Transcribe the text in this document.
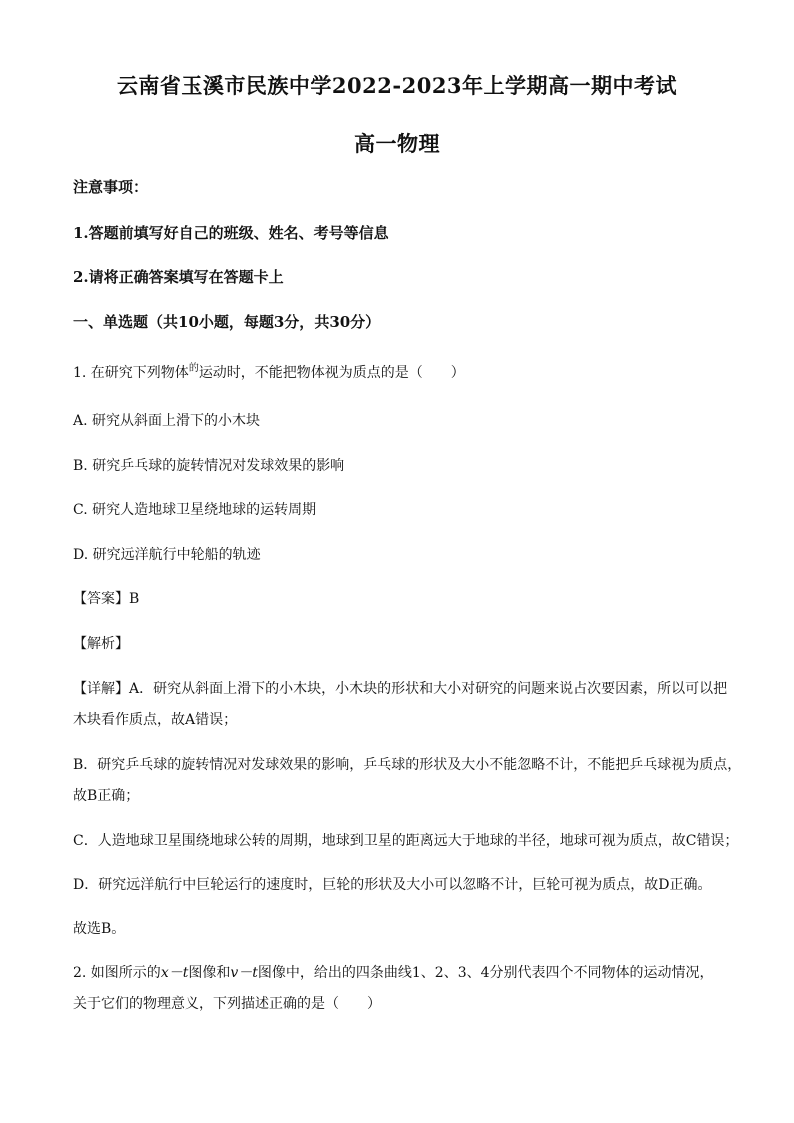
云南省玉溪市民族中学2022-2023年上学期高一期中考试
高一物理
注意事项：
1.答题前填写好自己的班级、姓名、考号等信息
2.请将正确答案填写在答题卡上
一、单选题（共10小题，每题3分，共30分）
1. 在研究下列物体$^的$运动时，不能把物体视为质点的是（　　）
A. 研究从斜面上滑下的小木块
B. 研究乒乓球的旋转情况对发球效果的影响
C. 研究人造地球卫星绕地球的运转周期
D. 研究远洋航行中轮船的轨迹
【答案】B
【解析】
【详解】A．研究从斜面上滑下的小木块，小木块的形状和大小对研究的问题来说占次要因素，所以可以把
木块看作质点，故A错误；
B．研究乒乓球的旋转情况对发球效果的影响，乒乓球的形状及大小不能忽略不计，不能把乒乓球视为质点，
故B正确；
C．人造地球卫星围绕地球公转的周期，地球到卫星的距离远大于地球的半径，地球可视为质点，故C错误；
D．研究远洋航行中巨轮运行的速度时，巨轮的形状及大小可以忽略不计，巨轮可视为质点，故D正确。
故选B。
2. 如图所示的x－t图像和v－t图像中，给出的四条曲线1、2、3、4分别代表四个不同物体的运动情况，
关于它们的物理意义，下列描述正确的是（　　）
